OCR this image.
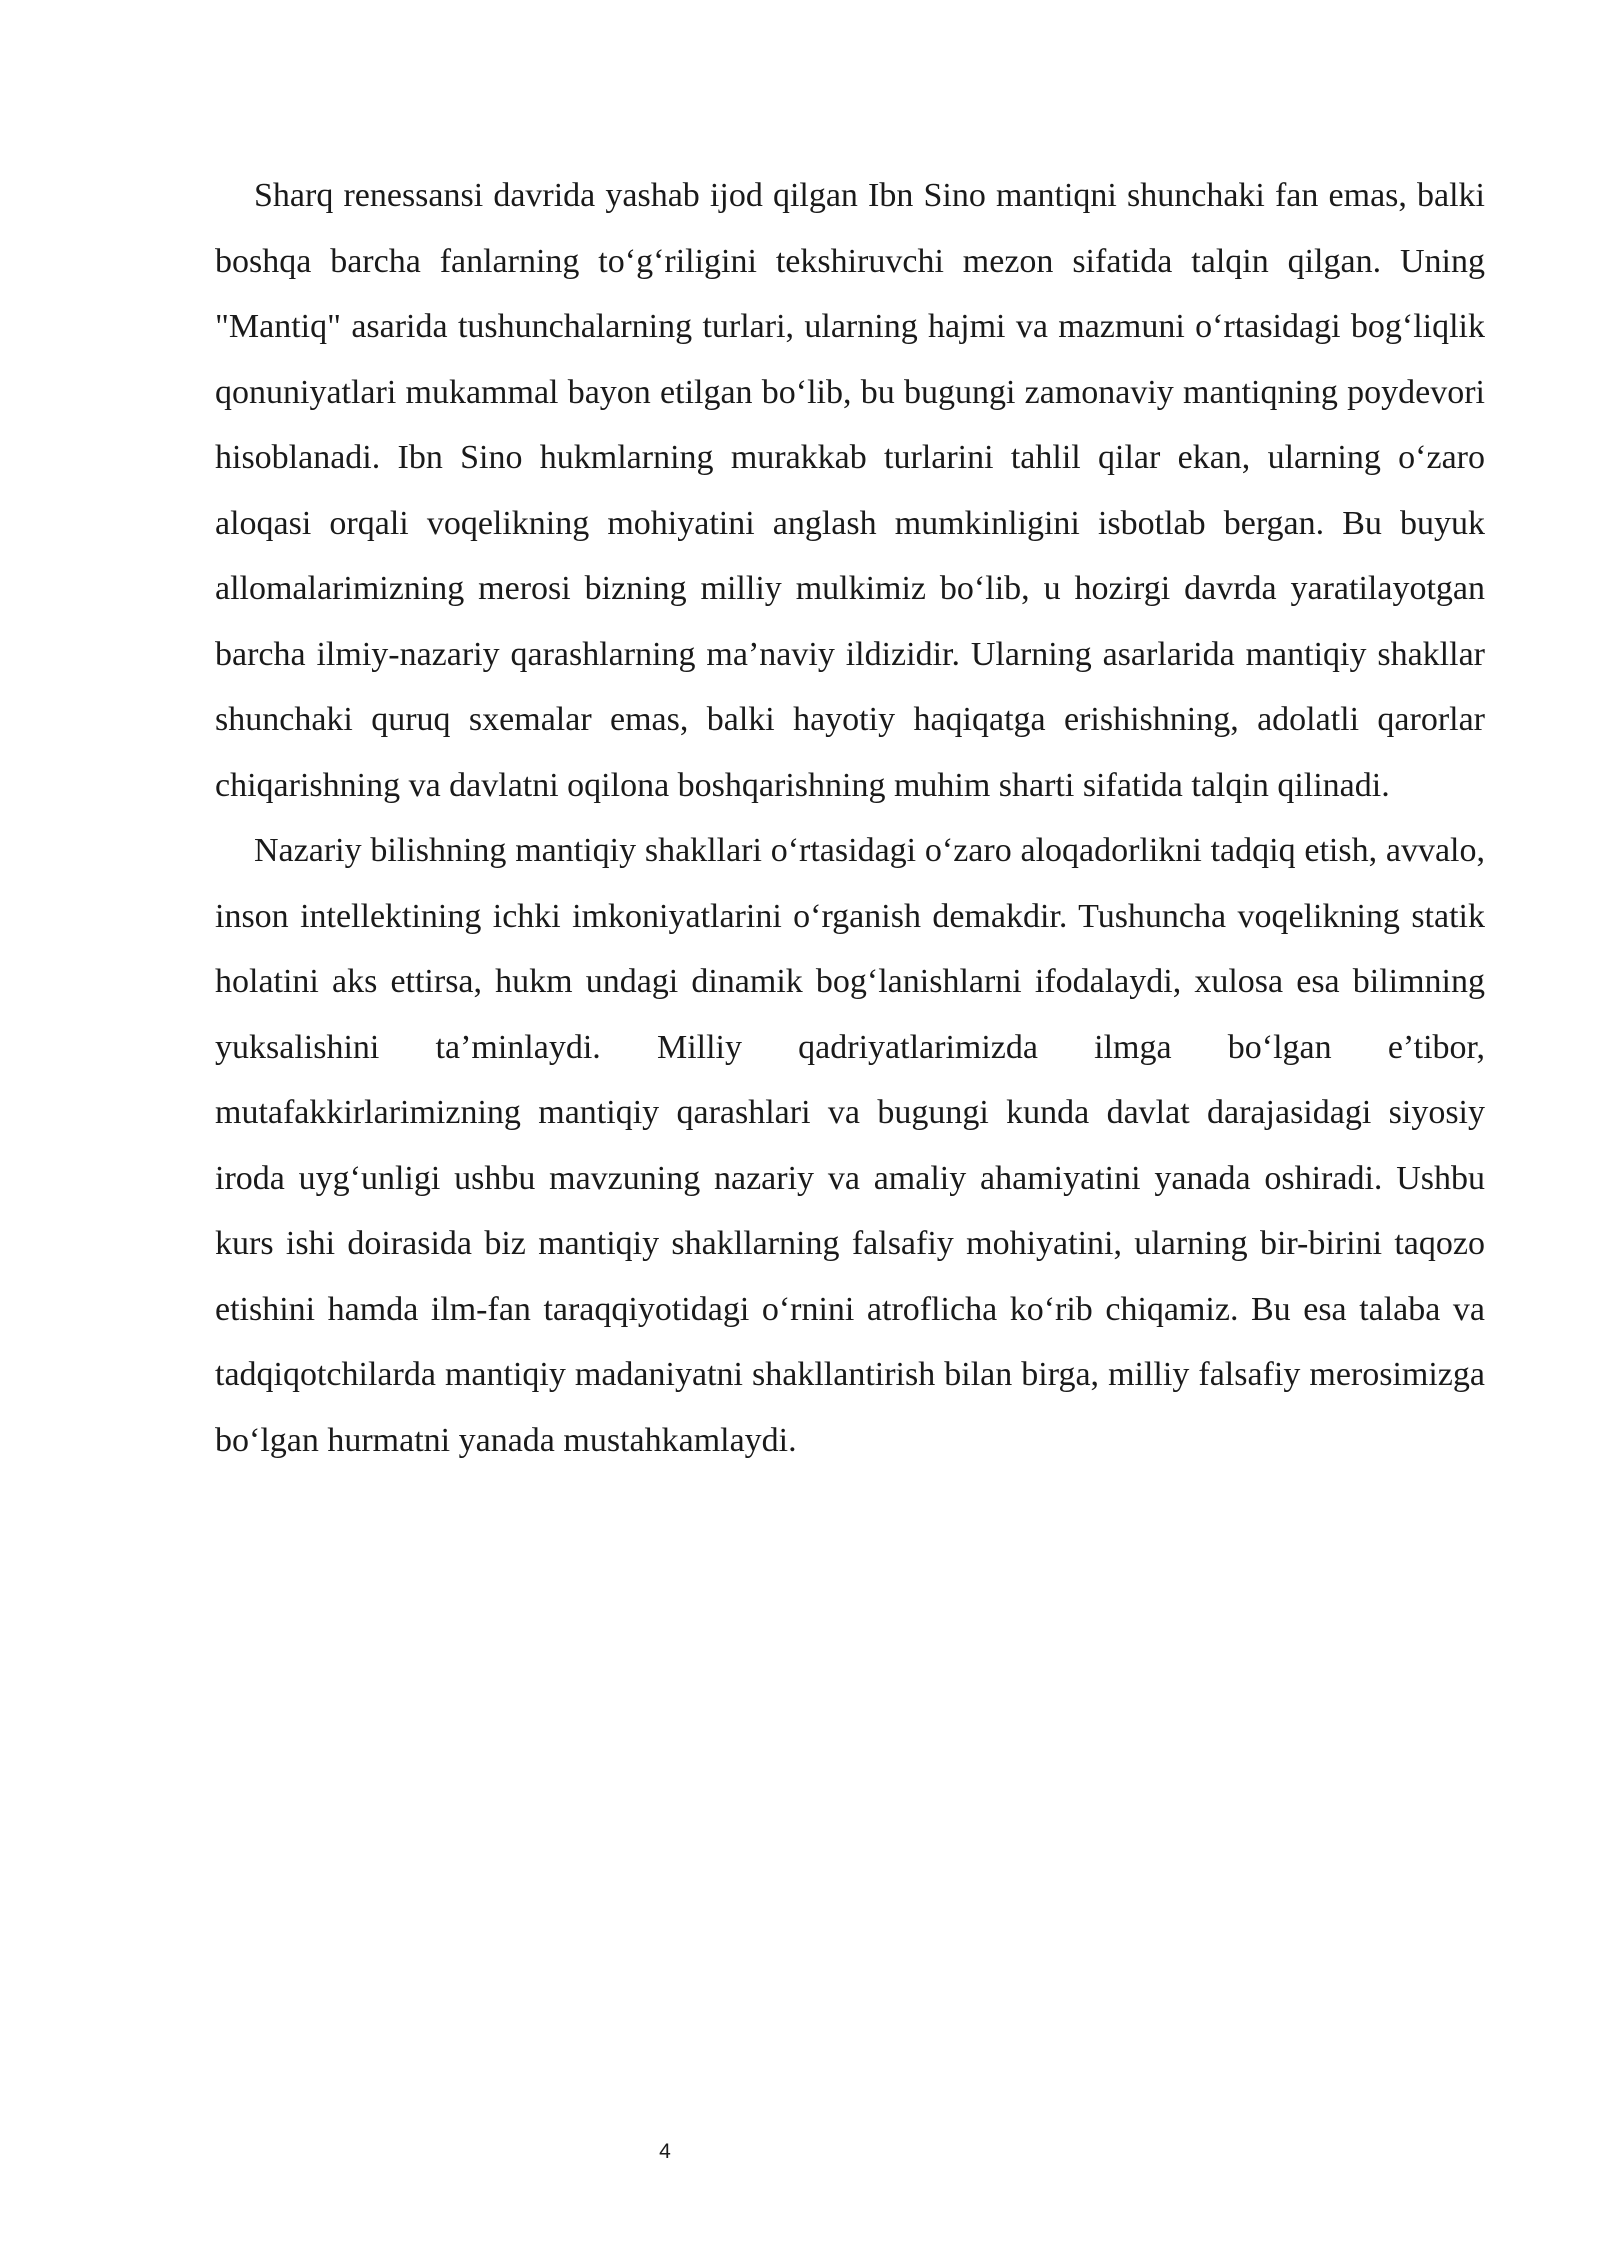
Sharq renessansi davrida yashab ijod qilgan Ibn Sino mantiqni shunchaki fan emas, balki boshqa barcha fanlarning to‘g‘riligini tekshiruvchi mezon sifatida talqin qilgan. Uning "Mantiq" asarida tushunchalarning turlari, ularning hajmi va mazmuni o‘rtasidagi bog‘liqlik qonuniyatlari mukammal bayon etilgan bo‘lib, bu bugungi zamonaviy mantiqning poydevori hisoblanadi. Ibn Sino hukmlarning murakkab turlarini tahlil qilar ekan, ularning o‘zaro aloqasi orqali voqelikning mohiyatini anglash mumkinligini isbotlab bergan. Bu buyuk allomalarimizning merosi bizning milliy mulkimiz bo‘lib, u hozirgi davrda yaratilayotgan barcha ilmiy-nazariy qarashlarning ma’naviy ildizidir. Ularning asarlarida mantiqiy shakllar shunchaki quruq sxemalar emas, balki hayotiy haqiqatga erishishning, adolatli qarorlar chiqarishning va davlatni oqilona boshqarishning muhim sharti sifatida talqin qilinadi.

Nazariy bilishning mantiqiy shakllari o‘rtasidagi o‘zaro aloqadorlikni tadqiq etish, avvalo, inson intellektining ichki imkoniyatlarini o‘rganish demakdir. Tushuncha voqelikning statik holatini aks ettirsa, hukm undagi dinamik bog‘lanishlarni ifodalaydi, xulosa esa bilimning yuksalishini ta’minlaydi. Milliy qadriyatlarimizda ilmga bo‘lgan e’tibor, mutafakkirlarimizning mantiqiy qarashlari va bugungi kunda davlat darajasidagi siyosiy iroda uyg‘unligi ushbu mavzuning nazariy va amaliy ahamiyatini yanada oshiradi. Ushbu kurs ishi doirasida biz mantiqiy shakllarning falsafiy mohiyatini, ularning bir-birini taqozo etishini hamda ilm-fan taraqqiyotidagi o‘rnini atroflicha ko‘rib chiqamiz. Bu esa talaba va tadqiqotchilarda mantiqiy madaniyatni shakllantirish bilan birga, milliy falsafiy merosimizga bo‘lgan hurmatni yanada mustahkamlaydi.

4
